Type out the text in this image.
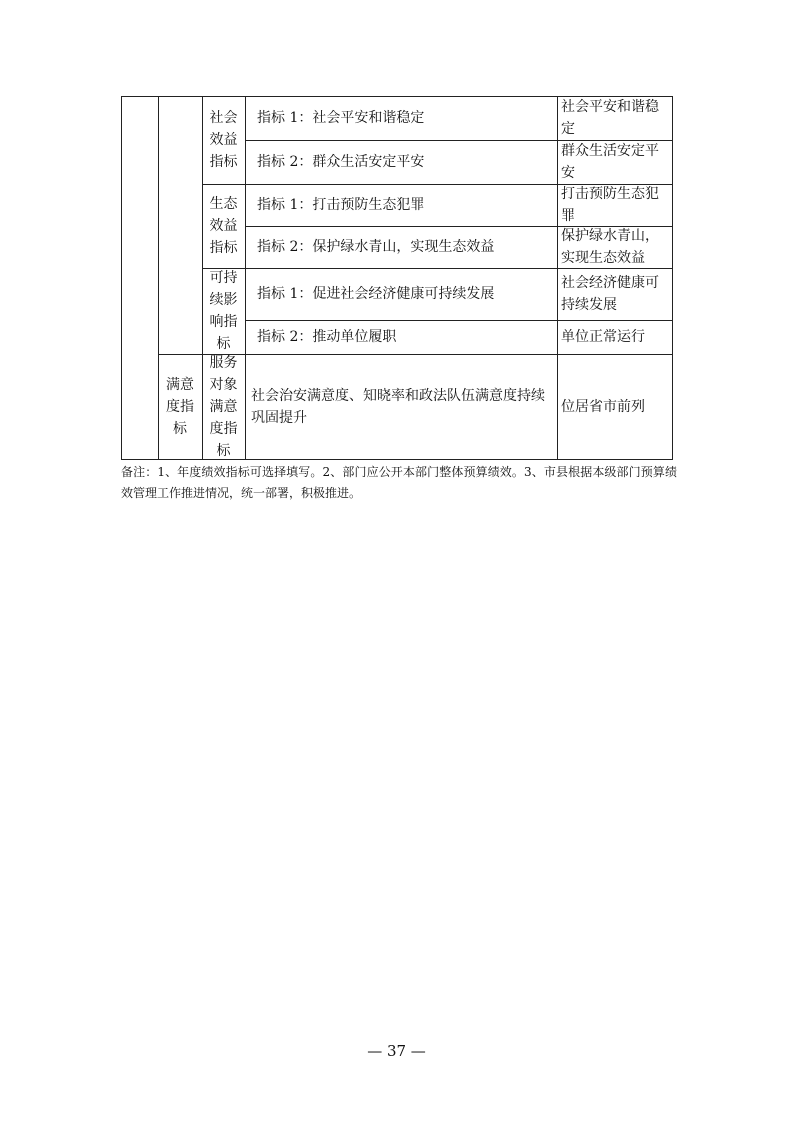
社会效益指标
指标 1：社会平安和谐稳定
社会平安和谐稳定
指标 2：群众生活安定平安
群众生活安定平安
生态效益指标
指标 1：打击预防生态犯罪
打击预防生态犯罪
指标 2：保护绿水青山，实现生态效益
保护绿水青山，实现生态效益
可持续影响指标
指标 1：促进社会经济健康可持续发展
社会经济健康可持续发展
指标 2：推动单位履职	单位正常运行
满意度指标
服务对象满意度指标
社会治安满意度、知晓率和政法队伍满意度持续巩固提升
位居省市前列
备注：1、年度绩效指标可选择填写。2、部门应公开本部门整体预算绩效。3、市县根据本级部门预算绩效管理工作推进情况，统一部署，积极推进。
— 37 —
